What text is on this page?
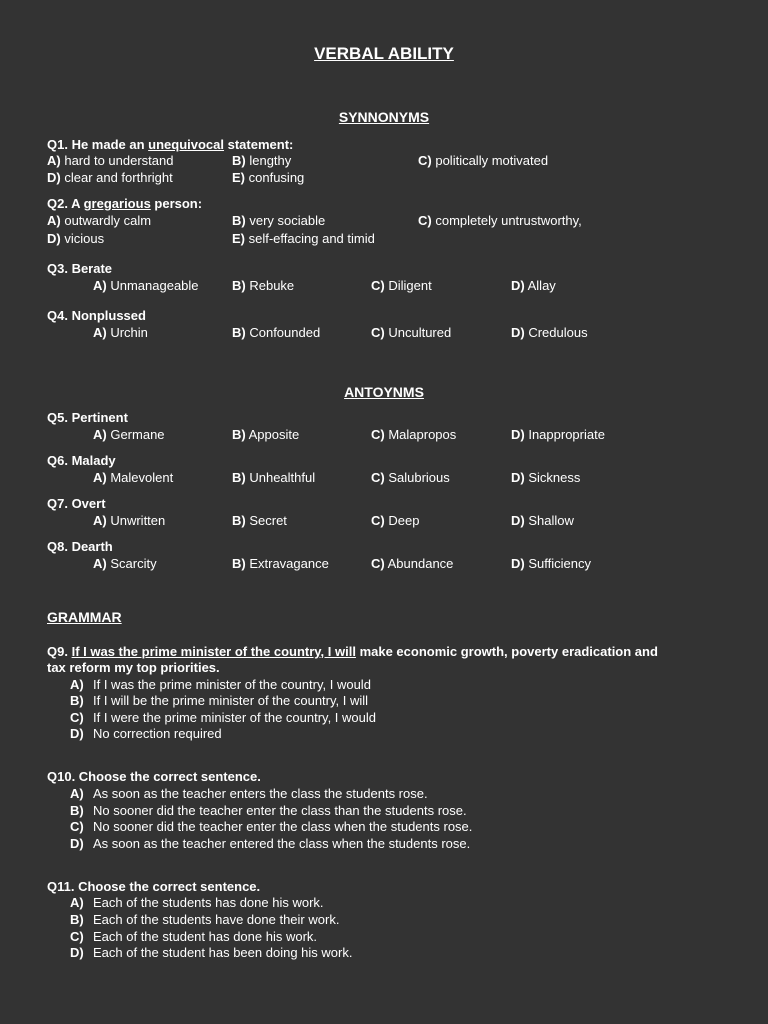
VERBAL ABILITY
SYNNONYMS
Q1. He made an unequivocal statement:
A) hard to understand	B) lengthy	C) politically motivated
D) clear and forthright	E) confusing
Q2. A gregarious person:
A) outwardly calm	B) very sociable	C) completely untrustworthy,
D) vicious	E) self-effacing and timid
Q3. Berate
A) Unmanageable	B) Rebuke	C) Diligent	D) Allay
Q4. Nonplussed
A) Urchin	B) Confounded	C) Uncultured	D) Credulous
ANTOYNMS
Q5. Pertinent
A) Germane	B) Apposite	C) Malapropos	D) Inappropriate
Q6. Malady
A) Malevolent	B) Unhealthful	C) Salubrious	D) Sickness
Q7. Overt
A) Unwritten	B) Secret	C) Deep	D) Shallow
Q8. Dearth
A) Scarcity	B) Extravagance	C) Abundance	D) Sufficiency
GRAMMAR
Q9. If I was the prime minister of the country, I will make economic growth, poverty eradication and
tax reform my top priorities.
A) If I was the prime minister of the country, I would
B) If I will be the prime minister of the country, I will
C) If I were the prime minister of the country, I would
D) No correction required
Q10. Choose the correct sentence.
A) As soon as the teacher enters the class the students rose.
B) No sooner did the teacher enter the class than the students rose.
C) No sooner did the teacher enter the class when the students rose.
D) As soon as the teacher entered the class when the students rose.
Q11. Choose the correct sentence.
A) Each of the students has done his work.
B) Each of the students have done their work.
C) Each of the student has done his work.
D) Each of the student has been doing his work.
